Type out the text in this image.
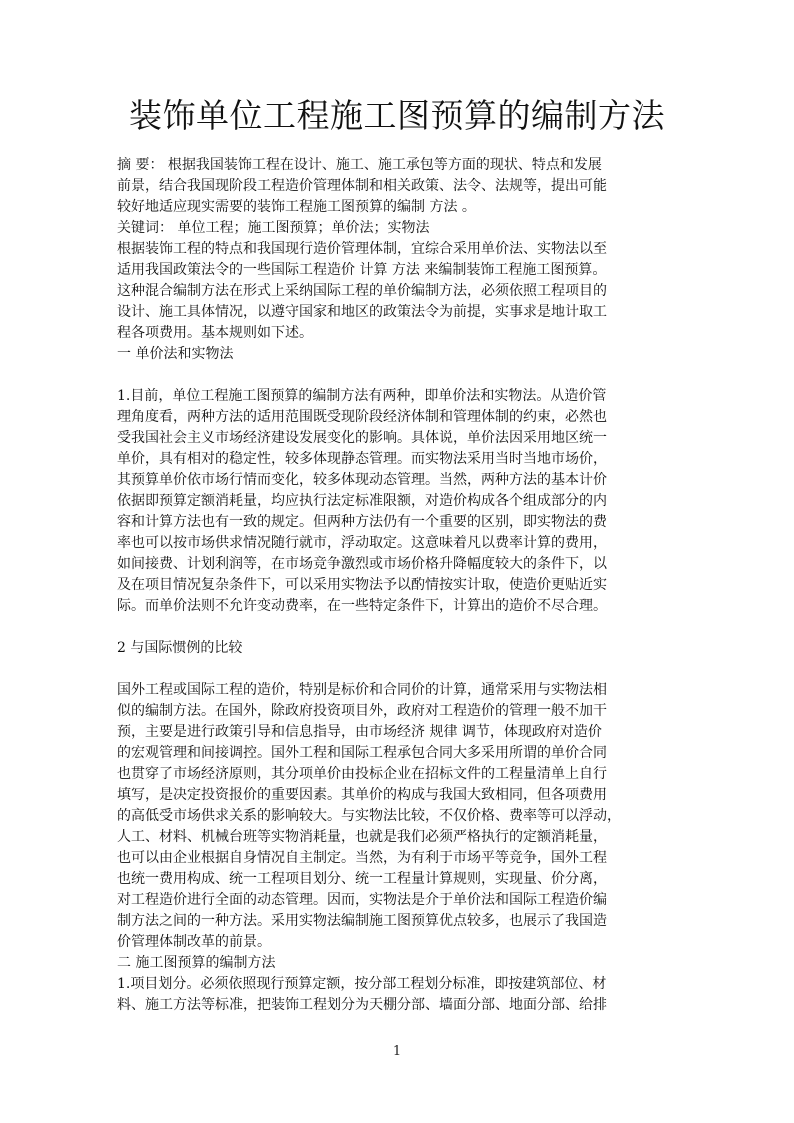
装饰单位工程施工图预算的编制方法
摘 要： 根据我国装饰工程在设计、施工、施工承包等方面的现状、特点和发展
前景，结合我国现阶段工程造价管理体制和相关政策、法令、法规等，提出可能
较好地适应现实需要的装饰工程施工图预算的编制 方法 。
关键词： 单位工程；施工图预算；单价法；实物法
根据装饰工程的特点和我国现行造价管理体制，宜综合采用单价法、实物法以至
适用我国政策法令的一些国际工程造价 计算 方法 来编制装饰工程施工图预算。
这种混合编制方法在形式上采纳国际工程的单价编制方法，必须依照工程项目的
设计、施工具体情况，以遵守国家和地区的政策法令为前提，实事求是地计取工
程各项费用。基本规则如下述。
一 单价法和实物法
1.目前，单位工程施工图预算的编制方法有两种，即单价法和实物法。从造价管
理角度看，两种方法的适用范围既受现阶段经济体制和管理体制的约束，必然也
受我国社会主义市场经济建设发展变化的影响。具体说，单价法因采用地区统一
单价，具有相对的稳定性，较多体现静态管理。而实物法采用当时当地市场价，
其预算单价依市场行情而变化，较多体现动态管理。当然，两种方法的基本计价
依据即预算定额消耗量，均应执行法定标准限额，对造价构成各个组成部分的内
容和计算方法也有一致的规定。但两种方法仍有一个重要的区别，即实物法的费
率也可以按市场供求情况随行就市，浮动取定。这意味着凡以费率计算的费用，
如间接费、计划利润等，在市场竞争激烈或市场价格升降幅度较大的条件下，以
及在项目情况复杂条件下，可以采用实物法予以酌情按实计取，使造价更贴近实
际。而单价法则不允许变动费率，在一些特定条件下，计算出的造价不尽合理。
2 与国际惯例的比较
国外工程或国际工程的造价，特别是标价和合同价的计算，通常采用与实物法相
似的编制方法。在国外，除政府投资项目外，政府对工程造价的管理一般不加干
预，主要是进行政策引导和信息指导，由市场经济 规律 调节，体现政府对造价
的宏观管理和间接调控。国外工程和国际工程承包合同大多采用所谓的单价合同
也贯穿了市场经济原则，其分项单价由投标企业在招标文件的工程量清单上自行
填写，是决定投资报价的重要因素。其单价的构成与我国大致相同，但各项费用
的高低受市场供求关系的影响较大。与实物法比较，不仅价格、费率等可以浮动，
人工、材料、机械台班等实物消耗量，也就是我们必须严格执行的定额消耗量，
也可以由企业根据自身情况自主制定。当然，为有利于市场平等竞争，国外工程
也统一费用构成、统一工程项目划分、统一工程量计算规则，实现量、价分离，
对工程造价进行全面的动态管理。因而，实物法是介于单价法和国际工程造价编
制方法之间的一种方法。采用实物法编制施工图预算优点较多，也展示了我国造
价管理体制改革的前景。
二 施工图预算的编制方法
1.项目划分。必须依照现行预算定额，按分部工程划分标准，即按建筑部位、材
料、施工方法等标准，把装饰工程划分为天棚分部、墙面分部、地面分部、给排
1
